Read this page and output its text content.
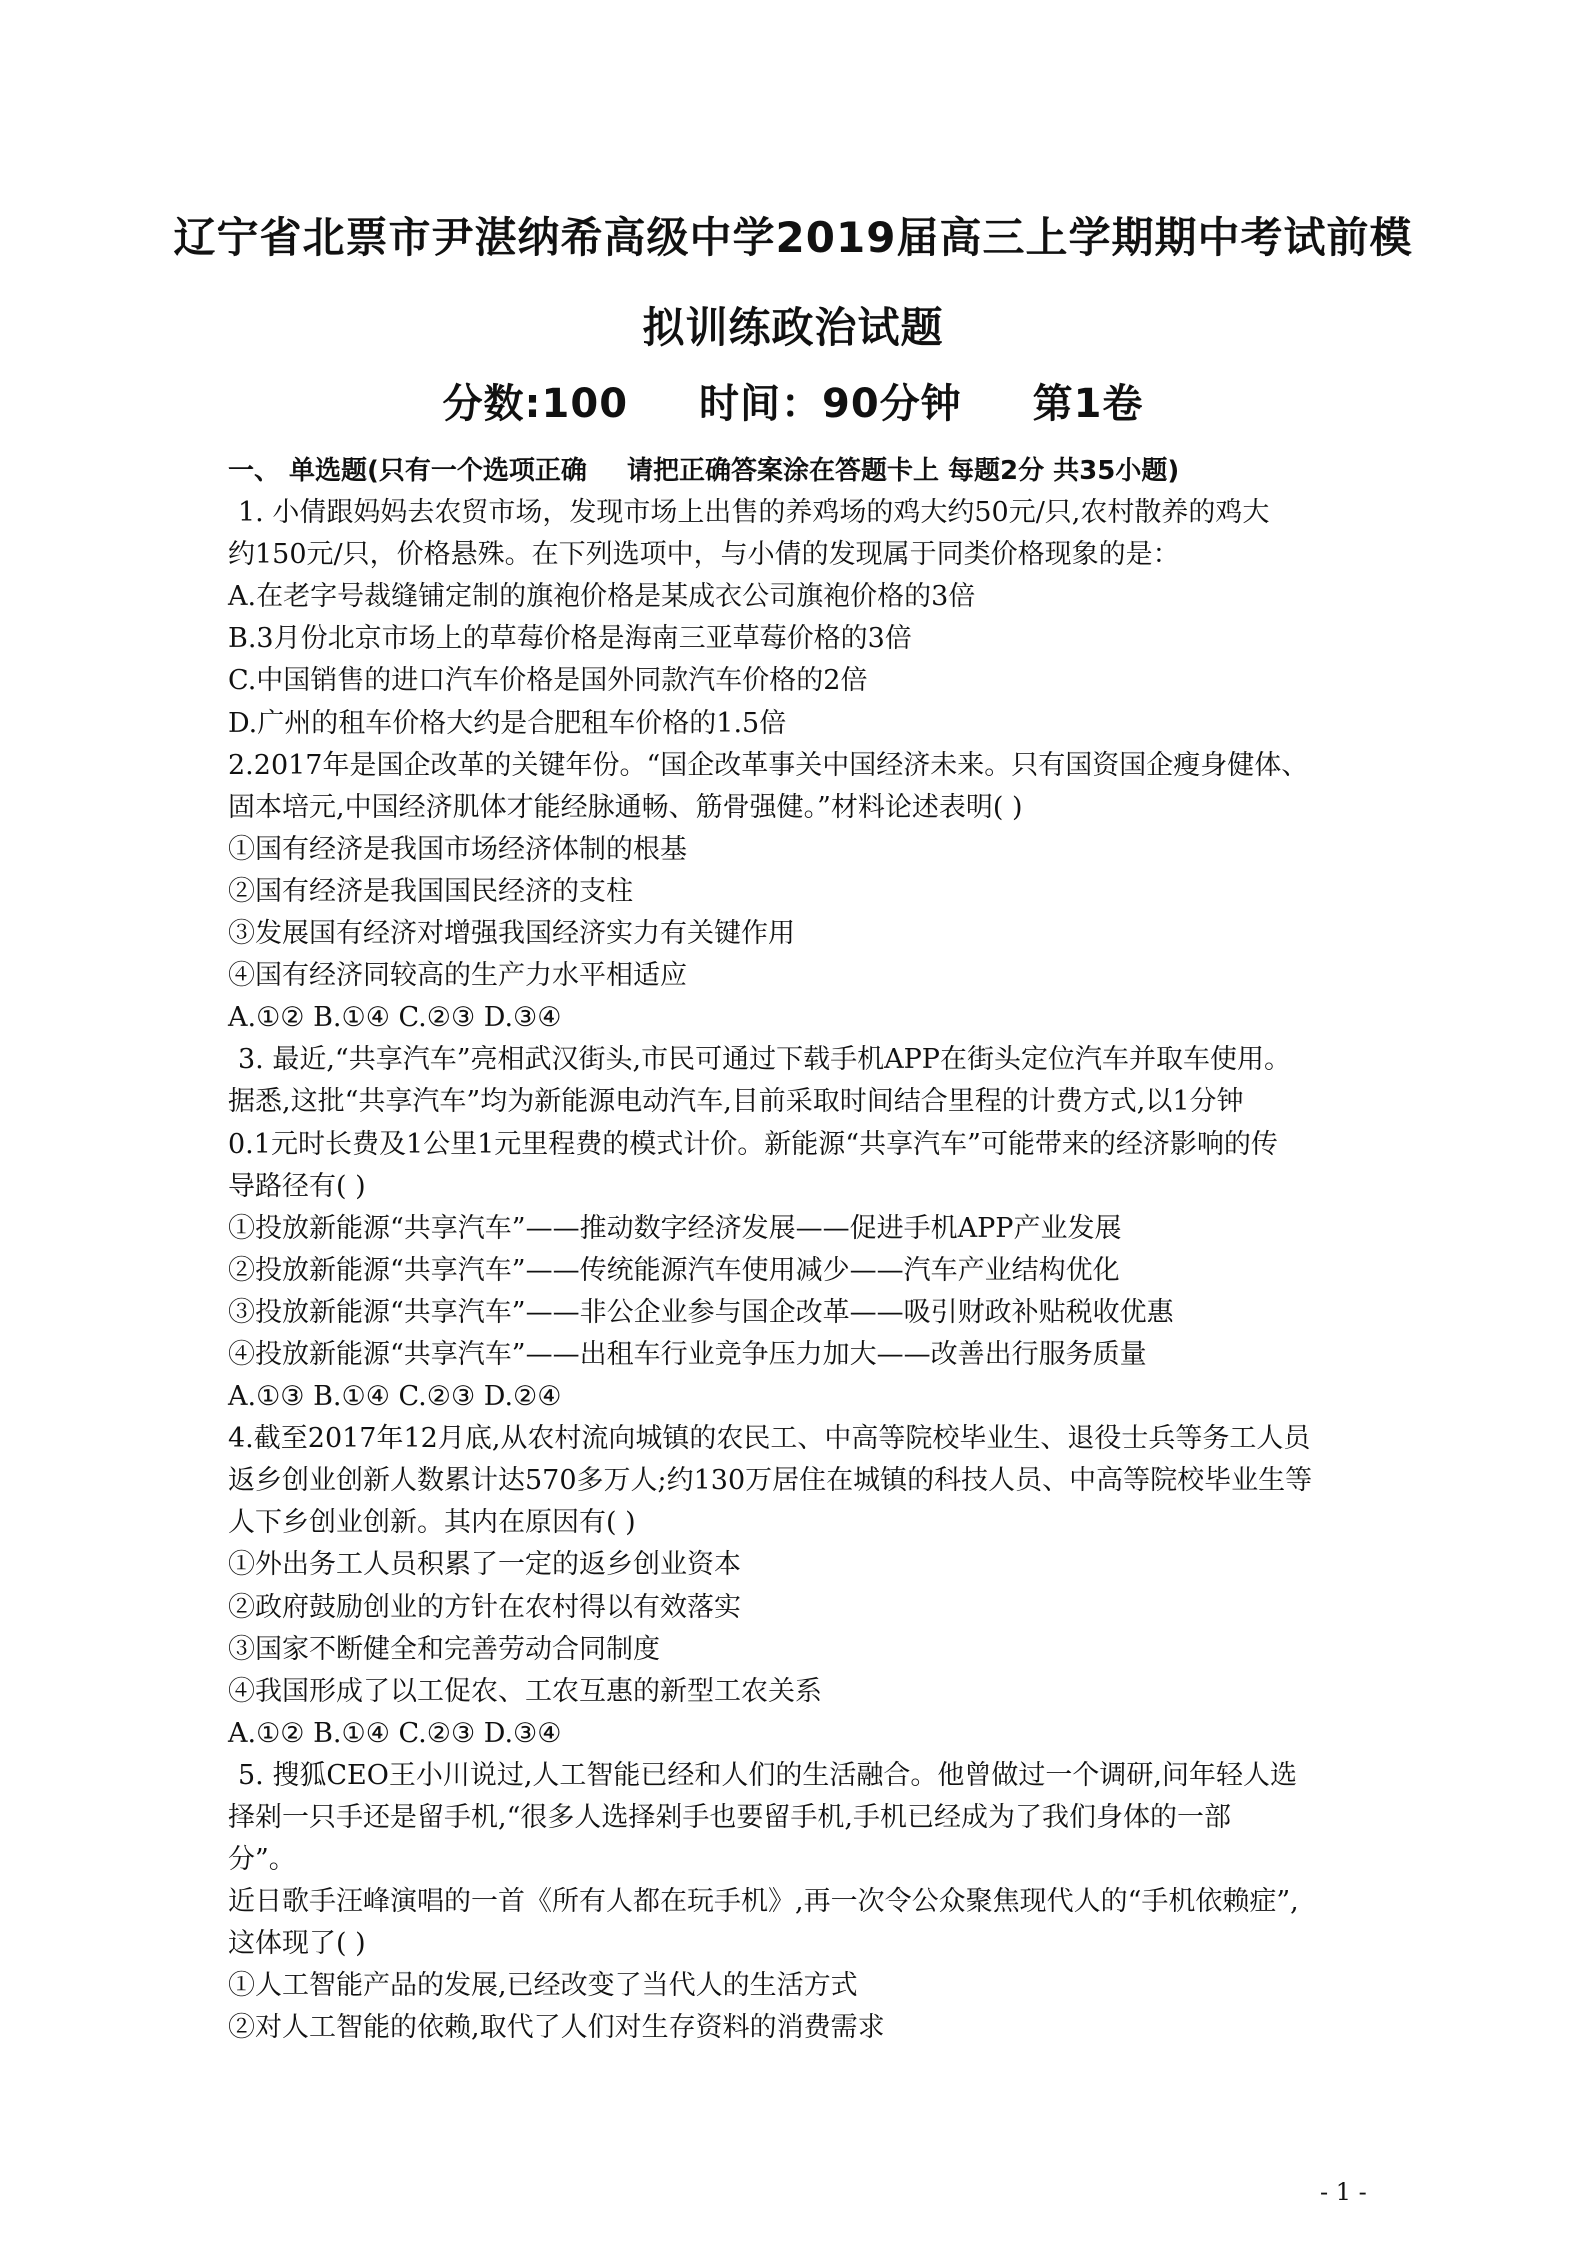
辽宁省北票市尹湛纳希高级中学2019届高三上学期期中考试前模
拟训练政治试题
分数:100 时间：90分钟 第1卷
一、 单选题(只有一个选项正确 请把正确答案涂在答题卡上 每题2分 共35小题)
1. 小倩跟妈妈去农贸市场，发现市场上出售的养鸡场的鸡大约50元/只,农村散养的鸡大
约150元/只，价格悬殊。在下列选项中，与小倩的发现属于同类价格现象的是：
A.在老字号裁缝铺定制的旗袍价格是某成衣公司旗袍价格的3倍
B.3月份北京市场上的草莓价格是海南三亚草莓价格的3倍
C.中国销售的进口汽车价格是国外同款汽车价格的2倍
D.广州的租车价格大约是合肥租车价格的1.5倍
2.2017年是国企改革的关键年份。“国企改革事关中国经济未来。只有国资国企瘦身健体、
固本培元,中国经济肌体才能经脉通畅、筋骨强健。”材料论述表明( )
①国有经济是我国市场经济体制的根基
②国有经济是我国国民经济的支柱
③发展国有经济对增强我国经济实力有关键作用
④国有经济同较高的生产力水平相适应
A.①② B.①④ C.②③ D.③④
3. 最近,“共享汽车”亮相武汉街头,市民可通过下载手机APP在街头定位汽车并取车使用。
据悉,这批“共享汽车”均为新能源电动汽车,目前采取时间结合里程的计费方式,以1分钟
0.1元时长费及1公里1元里程费的模式计价。新能源“共享汽车”可能带来的经济影响的传
导路径有( )
①投放新能源“共享汽车”——推动数字经济发展——促进手机APP产业发展
②投放新能源“共享汽车”——传统能源汽车使用减少——汽车产业结构优化
③投放新能源“共享汽车”——非公企业参与国企改革——吸引财政补贴税收优惠
④投放新能源“共享汽车”——出租车行业竞争压力加大——改善出行服务质量
A.①③ B.①④ C.②③ D.②④
4.截至2017年12月底,从农村流向城镇的农民工、中高等院校毕业生、退役士兵等务工人员
返乡创业创新人数累计达570多万人;约130万居住在城镇的科技人员、中高等院校毕业生等
人下乡创业创新。其内在原因有( )
①外出务工人员积累了一定的返乡创业资本
②政府鼓励创业的方针在农村得以有效落实
③国家不断健全和完善劳动合同制度
④我国形成了以工促农、工农互惠的新型工农关系
A.①② B.①④ C.②③ D.③④
5. 搜狐CEO王小川说过,人工智能已经和人们的生活融合。他曾做过一个调研,问年轻人选
择剁一只手还是留手机,“很多人选择剁手也要留手机,手机已经成为了我们身体的一部
分”。
近日歌手汪峰演唱的一首《所有人都在玩手机》,再一次令公众聚焦现代人的“手机依赖症”,
这体现了( )
①人工智能产品的发展,已经改变了当代人的生活方式
②对人工智能的依赖,取代了人们对生存资料的消费需求
- 1 -
